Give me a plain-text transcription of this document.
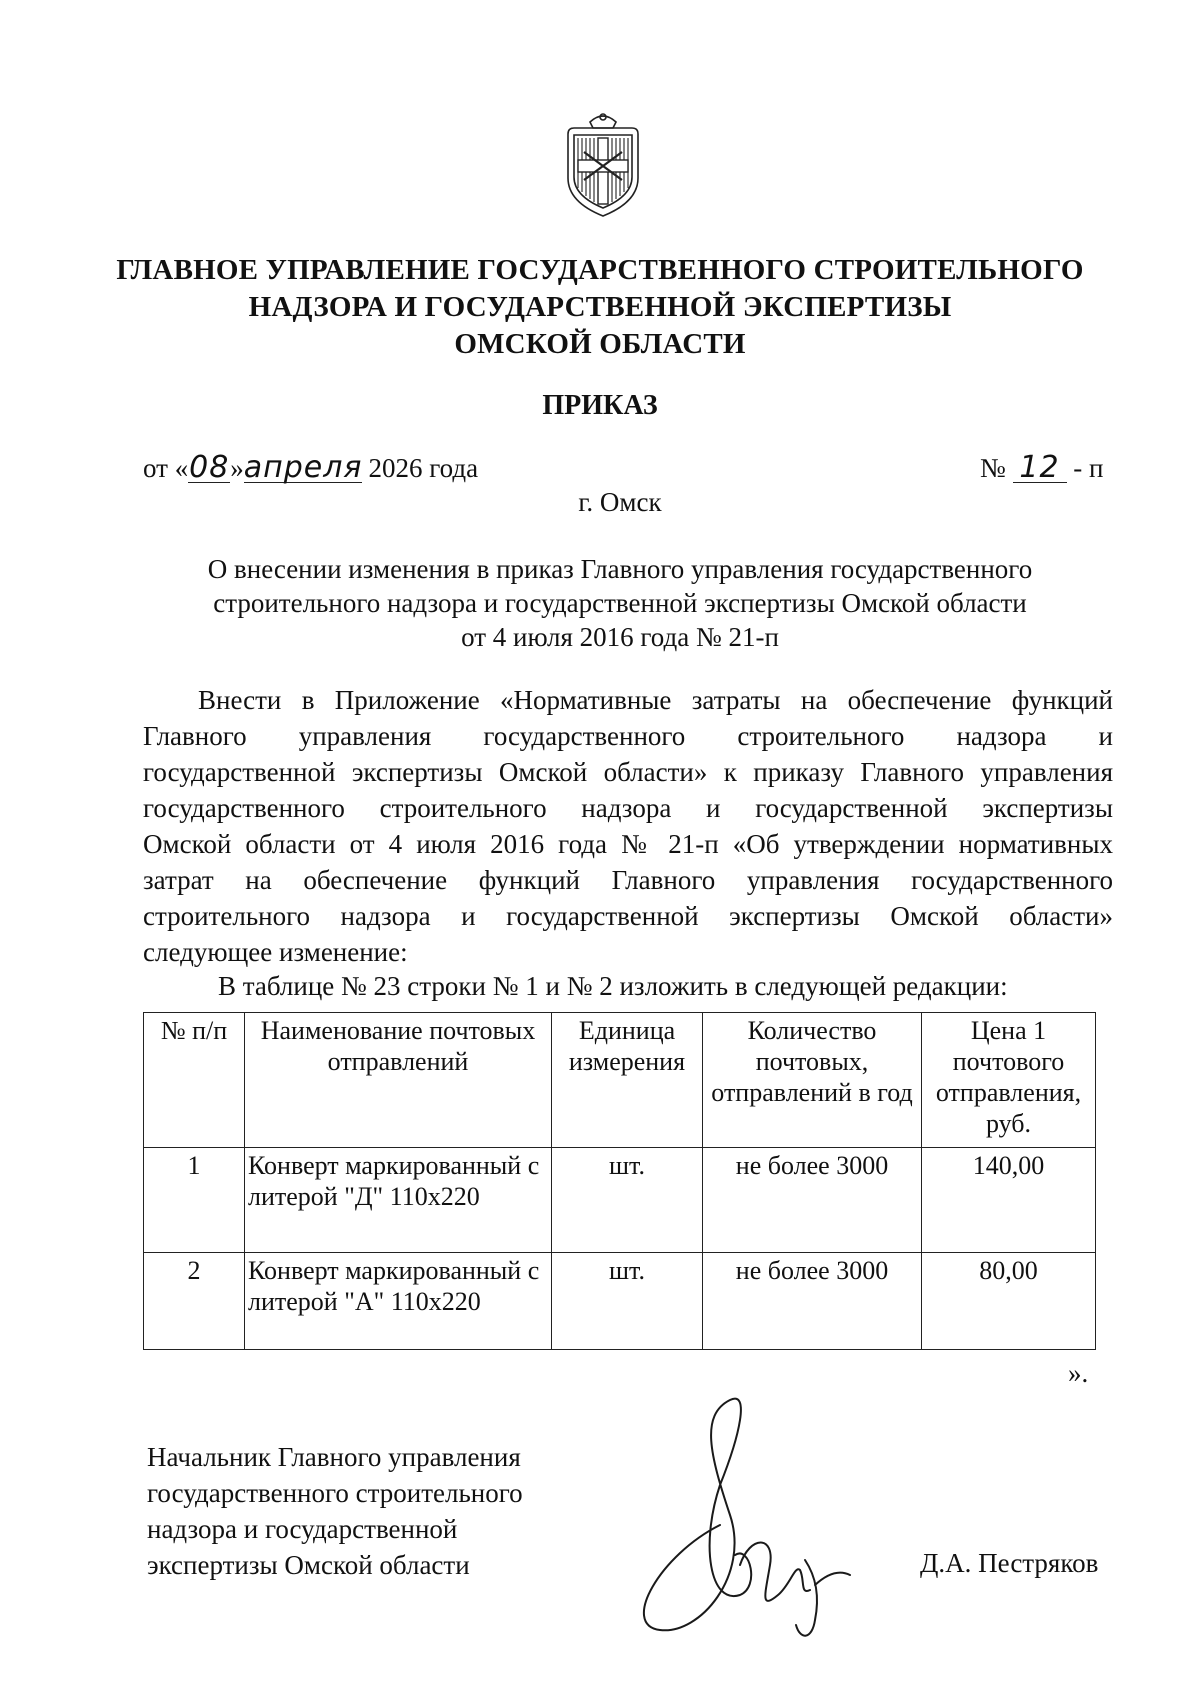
ГЛАВНОЕ УПРАВЛЕНИЕ ГОСУДАРСТВЕННОГО СТРОИТЕЛЬНОГО
НАДЗОРА И ГОСУДАРСТВЕННОЙ ЭКСПЕРТИЗЫ
ОМСКОЙ ОБЛАСТИ
ПРИКАЗ
от «08»апреля 2026 года	№ 12 - п
г. Омск
О внесении изменения в приказ Главного управления государственного
строительного надзора и государственной экспертизы Омской области
от 4 июля 2016 года № 21-п
Внести в Приложение «Нормативные затраты на обеспечение функций
Главного управления государственного строительного надзора и
государственной экспертизы Омской области» к приказу Главного управления
государственного строительного надзора и государственной экспертизы
Омской области от 4 июля 2016 года № 21-п «Об утверждении нормативных
затрат на обеспечение функций Главного управления государственного
строительного надзора и государственной экспертизы Омской области»
следующее изменение:
В таблице № 23 строки № 1 и № 2 изложить в следующей редакции:
№ п/п	Наименование почтовых отправлений	Единица измерения	Количество почтовых, отправлений в год	Цена 1 почтового отправления, руб.
1	Конверт маркированный с литерой "Д" 110x220	шт.	не более 3000	140,00
2	Конверт маркированный с литерой "А" 110x220	шт.	не более 3000	80,00
».
Начальник Главного управления
государственного строительного
надзора и государственной
экспертизы Омской области	Д.А. Пестряков
